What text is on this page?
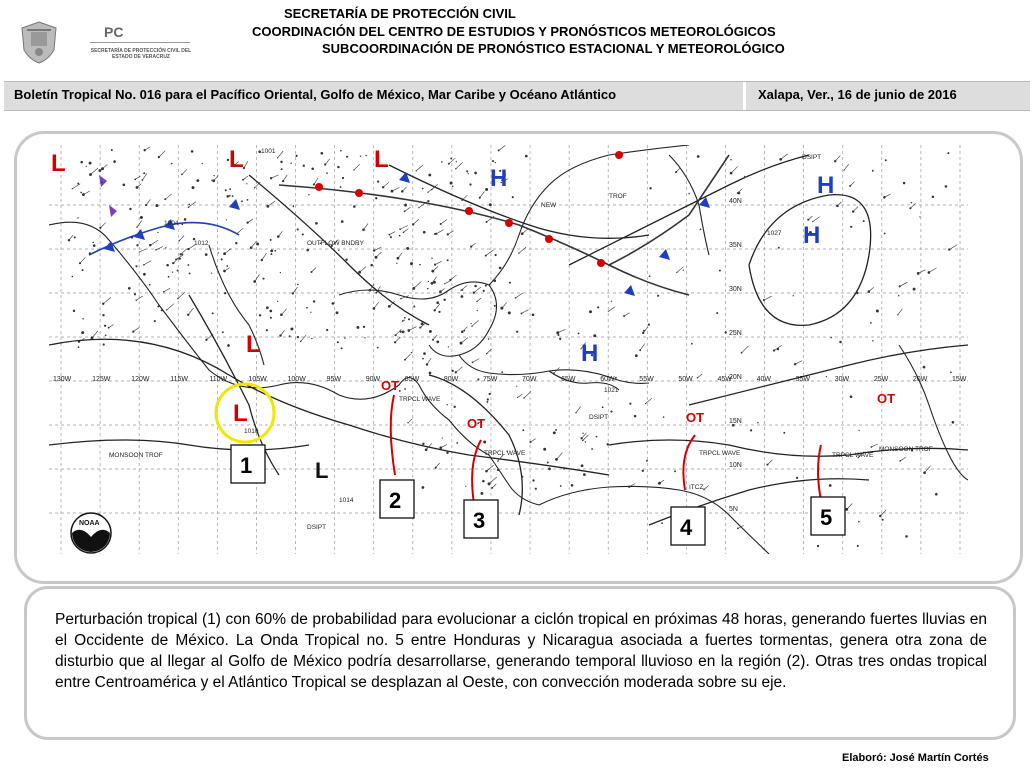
PC
SECRETARÍA DE PROTECCIÓN CIVIL DEL ESTADO DE VERACRUZ
SECRETARÍA DE PROTECCIÓN CIVIL
COORDINACIÓN DEL CENTRO DE ESTUDIOS Y PRONÓSTICOS METEOROLÓGICOS
SUBCOORDINACIÓN DE PRONÓSTICO ESTACIONAL Y METEOROLÓGICO
Boletín Tropical No. 016 para el Pacífico Oriental, Golfo de México, Mar Caribe y Océano Atlántico	Xalapa, Ver., 16 de junio de 2016
130W	125W	120W	115W	110W	105W	100W	95W	90W	85W	80W	75W	70W	65W	60W	55W	50W	45W	40W	35W	30W	25W	20W	15W
40N
35N
30N
25N
20N
15N
10N
5N
MONSOON TROF
MONSOON TROF
TRPCL WAVE
TRPCL WAVE	TRPCL WAVE	TRPCL WAVE
DSIPT
DSIPT
DSIPT
ITCZ
TROF
NEW
OUTFLOW BNDRY
1010
1014
1021
1027
1004
1012
1001
H
H
H
H
L	L	L
L
L
L
OT
OT	OT
OT
1
2
3	4	5
NOAA
Perturbación tropical (1) con 60% de probabilidad para evolucionar a ciclón tropical en próximas 48 horas, generando fuertes lluvias en el Occidente de México. La Onda Tropical no. 5 entre Honduras y Nicaragua asociada a fuertes tormentas, genera otra zona de disturbio que al llegar al Golfo de México podría desarrollarse, generando temporal lluvioso en la región (2). Otras tres ondas tropical entre Centroamérica y el Atlántico Tropical se desplazan al Oeste, con convección moderada sobre su eje.
Elaboró: José Martín Cortés
